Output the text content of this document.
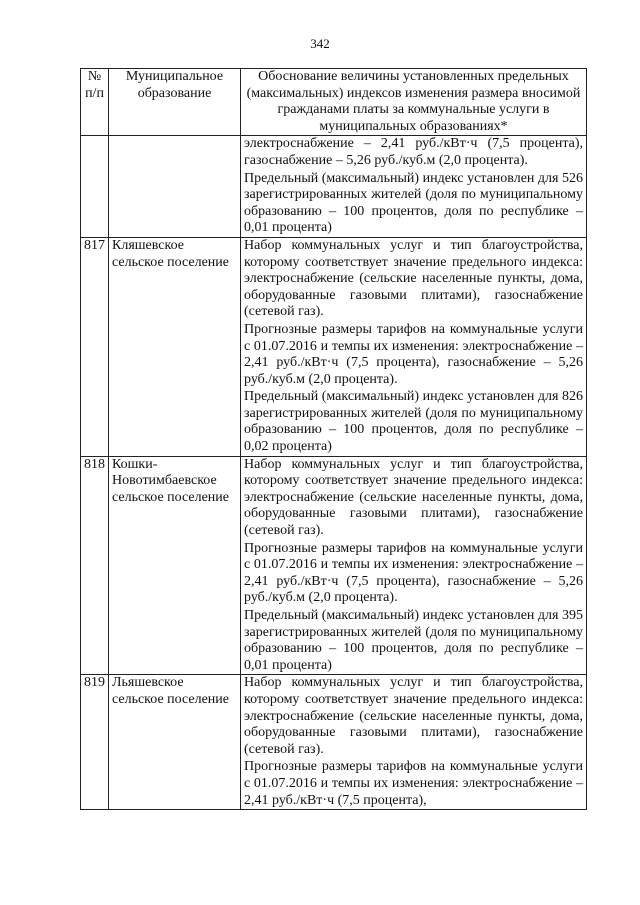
342
№
п/п	Муниципальное образование	Обоснование величины установленных предельных (максимальных) индексов изменения размера вносимой гражданами платы за коммунальные услуги в муниципальных образованиях*

		электроснабжение – 2,41 руб./кВт·ч (7,5 процента), газоснабжение – 5,26 руб./куб.м (2,0 процента).

Предельный (максимальный) индекс установлен для 526 зарегистрированных жителей (доля по муниципальному образованию – 100 процентов, доля по республике – 0,01 процента)

817	Кляшевское сельское поселение	Набор коммунальных услуг и тип благоустройства, которому соответствует значение предельного индекса: электроснабжение (сельские населенные пункты, дома, оборудованные газовыми плитами), газоснабжение (сетевой газ).

Прогнозные размеры тарифов на коммунальные услуги с 01.07.2016 и темпы их изменения: электроснабжение – 2,41 руб./кВт·ч (7,5 процента), газоснабжение – 5,26 руб./куб.м (2,0 процента).

Предельный (максимальный) индекс установлен для 826 зарегистрированных жителей (доля по муниципальному образованию – 100 процентов, доля по республике – 0,02 процента)

818	Кошки-Новотимбаевское сельское поселение	Набор коммунальных услуг и тип благоустройства, которому соответствует значение предельного индекса: электроснабжение (сельские населенные пункты, дома, оборудованные газовыми плитами), газоснабжение (сетевой газ).

Прогнозные размеры тарифов на коммунальные услуги с 01.07.2016 и темпы их изменения: электроснабжение – 2,41 руб./кВт·ч (7,5 процента), газоснабжение – 5,26 руб./куб.м (2,0 процента).

Предельный (максимальный) индекс установлен для 395 зарегистрированных жителей (доля по муниципальному образованию – 100 процентов, доля по республике – 0,01 процента)

819	Льяшевское сельское поселение	Набор коммунальных услуг и тип благоустройства, которому соответствует значение предельного индекса: электроснабжение (сельские населенные пункты, дома, оборудованные газовыми плитами), газоснабжение (сетевой газ).

Прогнозные размеры тарифов на коммунальные услуги с 01.07.2016 и темпы их изменения: электроснабжение – 2,41 руб./кВт·ч (7,5 процента),
